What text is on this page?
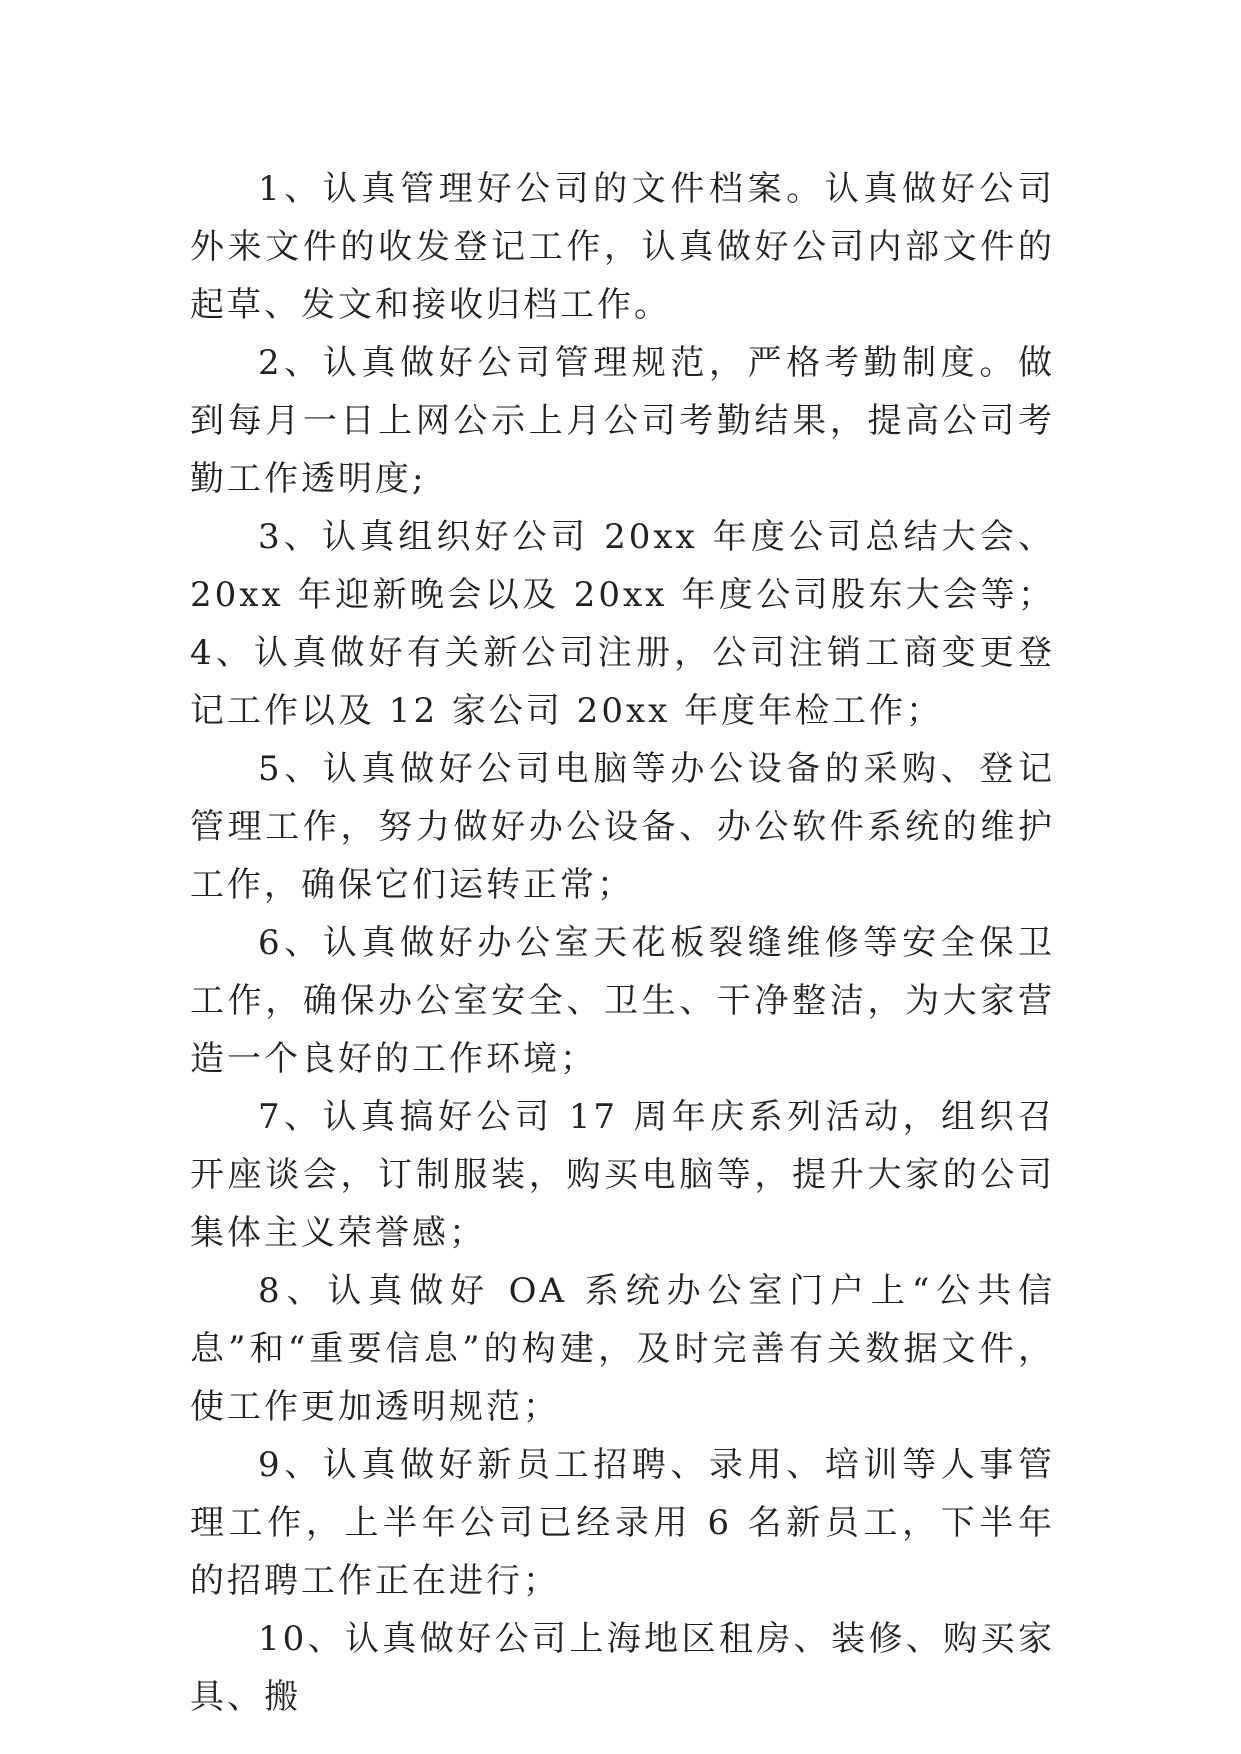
1、认真管理好公司的文件档案。认真做好公司外来文件的收发登记工作，认真做好公司内部文件的起草、发文和接收归档工作。

2、认真做好公司管理规范，严格考勤制度。做到每月一日上网公示上月公司考勤结果，提高公司考勤工作透明度;

3、认真组织好公司 20xx 年度公司总结大会、20xx 年迎新晚会以及 20xx 年度公司股东大会等；4、认真做好有关新公司注册，公司注销工商变更登记工作以及 12 家公司 20xx 年度年检工作；

5、认真做好公司电脑等办公设备的采购、登记管理工作，努力做好办公设备、办公软件系统的维护工作，确保它们运转正常；

6、认真做好办公室天花板裂缝维修等安全保卫工作，确保办公室安全、卫生、干净整洁，为大家营造一个良好的工作环境；

7、认真搞好公司 17 周年庆系列活动，组织召开座谈会，订制服装，购买电脑等，提升大家的公司集体主义荣誉感；

8、认真做好 OA 系统办公室门户上“公共信息”和“重要信息”的构建，及时完善有关数据文件，使工作更加透明规范；

9、认真做好新员工招聘、录用、培训等人事管理工作，上半年公司已经录用 6 名新员工，下半年的招聘工作正在进行；

10、认真做好公司上海地区租房、装修、购买家具、搬
